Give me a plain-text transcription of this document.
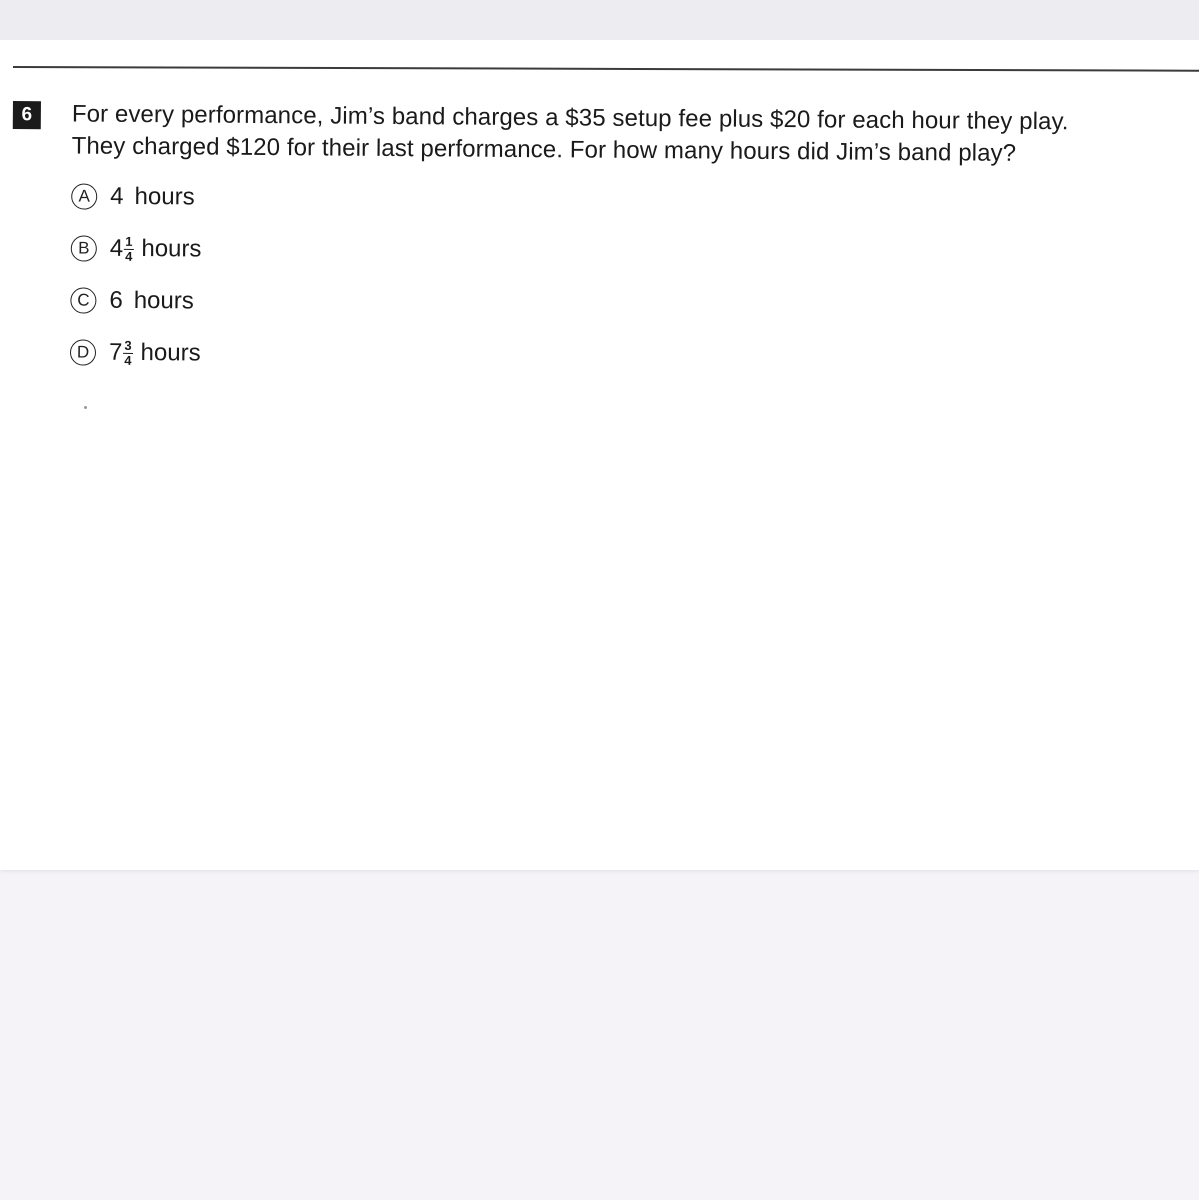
6	For every performance, Jim’s band charges a $35 setup fee plus $20 for each hour they play.

They charged $120 for their last performance. For how many hours did Jim’s band play?

A 4 hours
B $4 \frac{1}{4}$ hours
C 6 hours
D $7 \frac{3}{4}$ hours
